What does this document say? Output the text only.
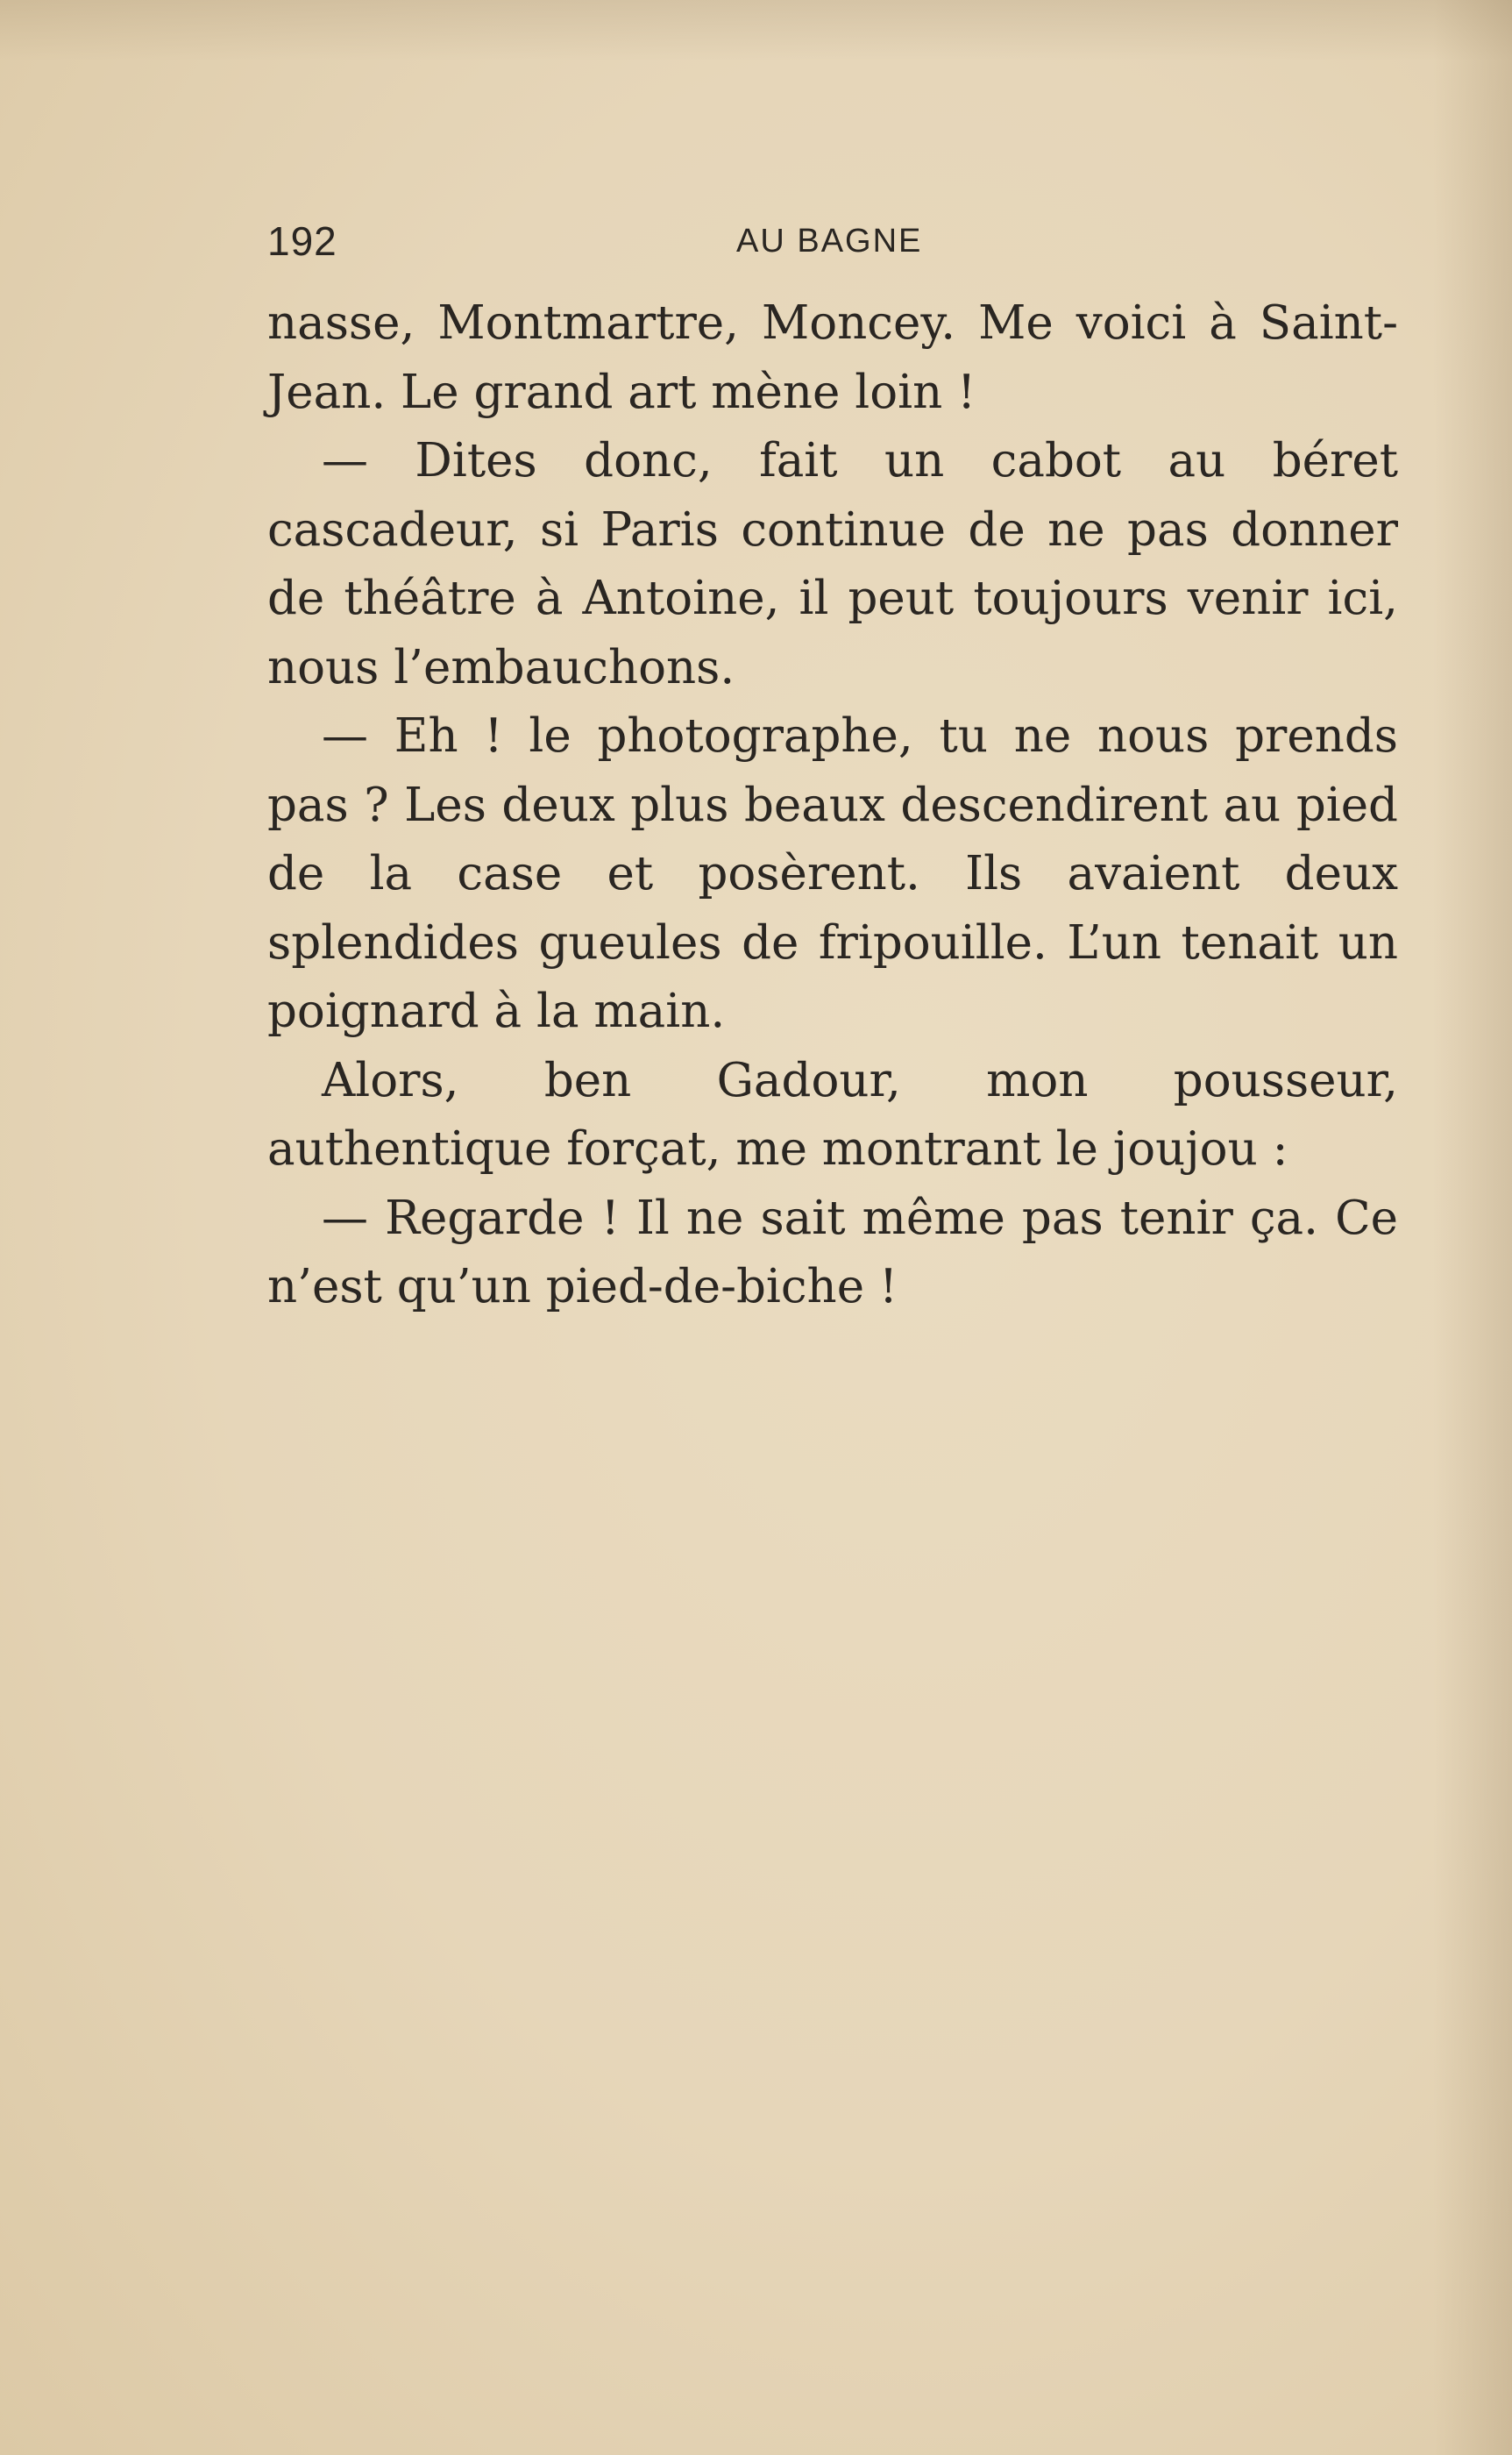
192	AU BAGNE

nasse, Montmartre, Moncey. Me voici à Saint-Jean. Le grand art mène loin !

— Dites donc, fait un cabot au béret cascadeur, si Paris continue de ne pas donner de théâtre à Antoine, il peut toujours venir ici, nous l’embauchons.

— Eh ! le photographe, tu ne nous prends pas ? Les deux plus beaux descendirent au pied de la case et posèrent. Ils avaient deux splendides gueules de fripouille. L’un tenait un poignard à la main.

Alors, ben Gadour, mon pousseur, authentique forçat, me montrant le joujou :

— Regarde ! Il ne sait même pas tenir ça. Ce n’est qu’un pied-de-biche !
